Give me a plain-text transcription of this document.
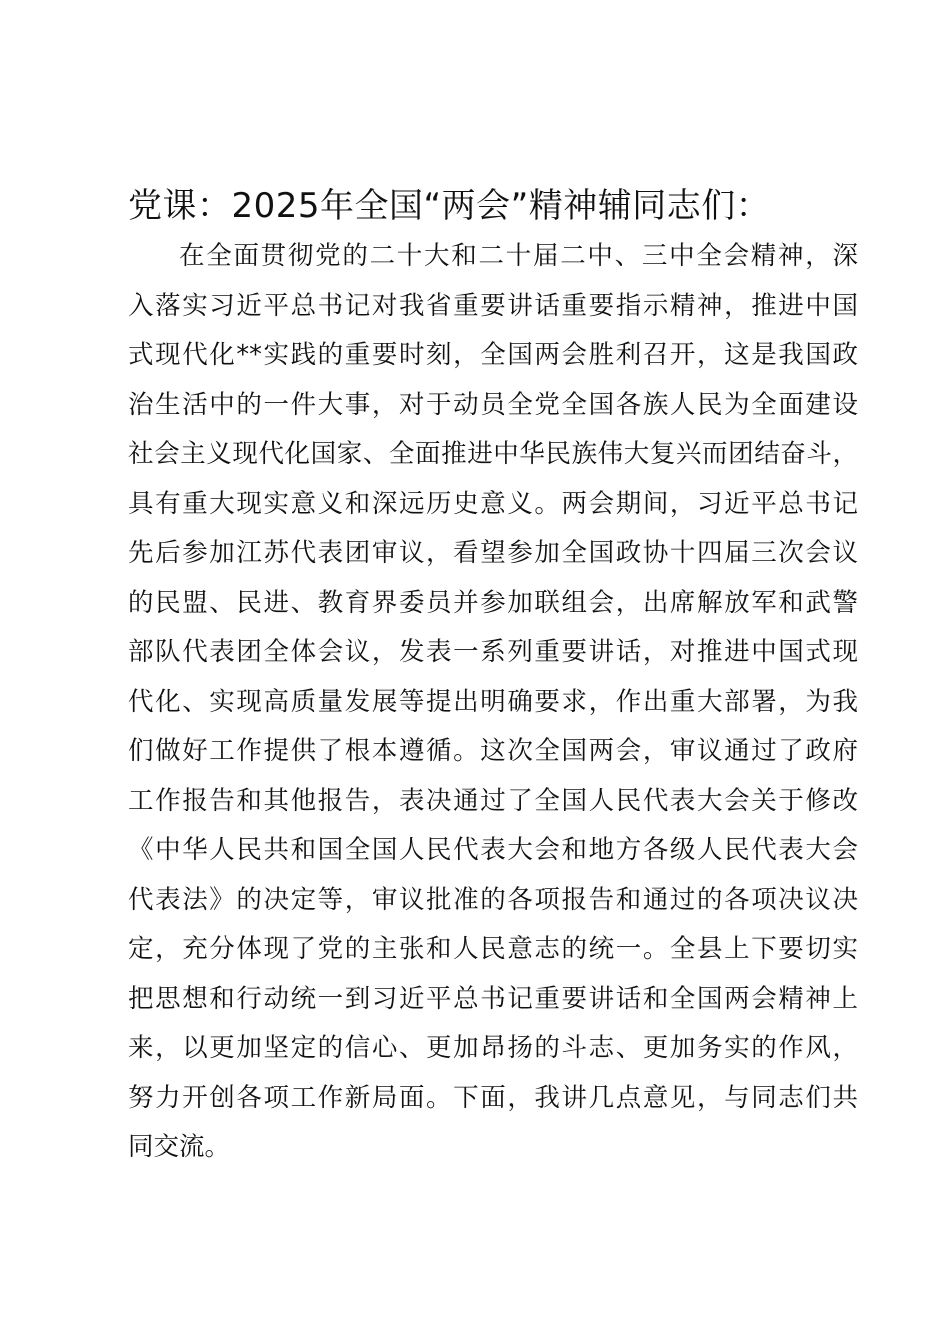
党课：2025年全国“两会”精神辅同志们：
在全面贯彻党的二十大和二十届二中、三中全会精神，深
入落实习近平总书记对我省重要讲话重要指示精神，推进中国
式现代化**实践的重要时刻，全国两会胜利召开，这是我国政
治生活中的一件大事，对于动员全党全国各族人民为全面建设
社会主义现代化国家、全面推进中华民族伟大复兴而团结奋斗，
具有重大现实意义和深远历史意义。两会期间，习近平总书记
先后参加江苏代表团审议，看望参加全国政协十四届三次会议
的民盟、民进、教育界委员并参加联组会，出席解放军和武警
部队代表团全体会议，发表一系列重要讲话，对推进中国式现
代化、实现高质量发展等提出明确要求，作出重大部署，为我
们做好工作提供了根本遵循。这次全国两会，审议通过了政府
工作报告和其他报告，表决通过了全国人民代表大会关于修改
《中华人民共和国全国人民代表大会和地方各级人民代表大会
代表法》的决定等，审议批准的各项报告和通过的各项决议决
定，充分体现了党的主张和人民意志的统一。全县上下要切实
把思想和行动统一到习近平总书记重要讲话和全国两会精神上
来，以更加坚定的信心、更加昂扬的斗志、更加务实的作风，
努力开创各项工作新局面。下面，我讲几点意见，与同志们共
同交流。
